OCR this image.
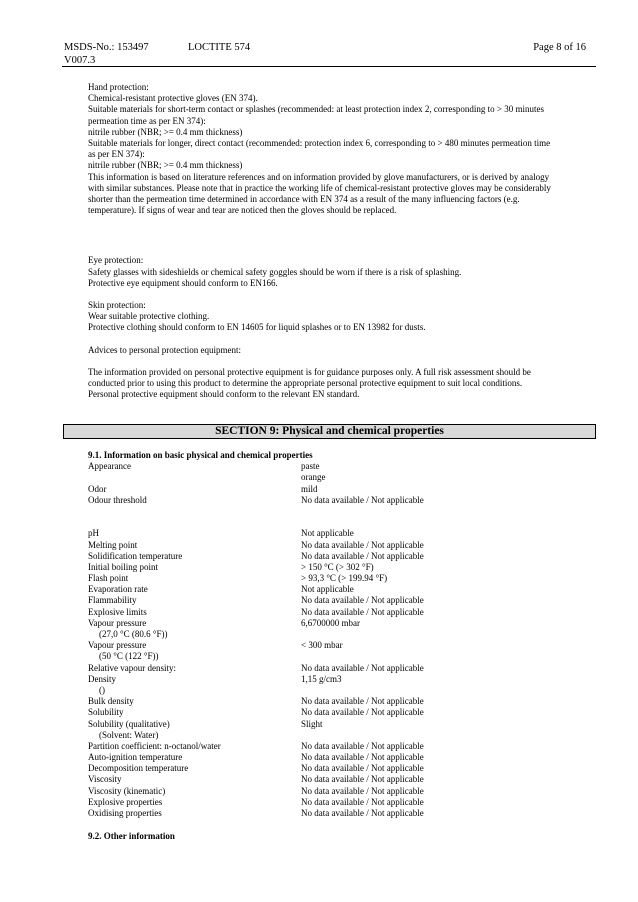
MSDS-No.: 153497	LOCTITE 574	Page 8 of 16
V007.3

Hand protection:

Chemical-resistant protective gloves (EN 374).

Suitable materials for short-term contact or splashes (recommended: at least protection index 2, corresponding to > 30 minutes

permeation time as per EN 374):

nitrile rubber (NBR; >= 0.4 mm thickness)

Suitable materials for longer, direct contact (recommended: protection index 6, corresponding to > 480 minutes permeation time

as per EN 374):

nitrile rubber (NBR; >= 0.4 mm thickness)

This information is based on literature references and on information provided by glove manufacturers, or is derived by analogy

with similar substances. Please note that in practice the working life of chemical-resistant protective gloves may be considerably

shorter than the permeation time determined in accordance with EN 374 as a result of the many influencing factors (e.g.

temperature). If signs of wear and tear are noticed then the gloves should be replaced.

Eye protection:

Safety glasses with sideshields or chemical safety goggles should be worn if there is a risk of splashing.

Protective eye equipment should conform to EN166.

Skin protection:

Wear suitable protective clothing.

Protective clothing should conform to EN 14605 for liquid splashes or to EN 13982 for dusts.

Advices to personal protection equipment:

The information provided on personal protective equipment is for guidance purposes only. A full risk assessment should be

conducted prior to using this product to determine the appropriate personal protective equipment to suit local conditions.

Personal protective equipment should conform to the relevant EN standard.

SECTION 9: Physical and chemical properties

9.1. Information on basic physical and chemical properties

Appearance	paste
orange
Odor	mild
Odour threshold	No data available / Not applicable
pH	Not applicable
Melting point	No data available / Not applicable
Solidification temperature	No data available / Not applicable
Initial boiling point	> 150 °C (> 302 °F)
Flash point	> 93,3 °C (> 199.94 °F)
Evaporation rate	Not applicable
Flammability	No data available / Not applicable
Explosive limits	No data available / Not applicable
Vapour pressure	6,6700000 mbar
(27,0 °C (80.6 °F))
Vapour pressure	< 300 mbar
(50 °C (122 °F))
Relative vapour density:	No data available / Not applicable
Density	1,15 g/cm3
()
Bulk density	No data available / Not applicable
Solubility	No data available / Not applicable
Solubility (qualitative)	Slight
(Solvent: Water)
Partition coefficient: n-octanol/water	No data available / Not applicable
Auto-ignition temperature	No data available / Not applicable
Decomposition temperature	No data available / Not applicable
Viscosity	No data available / Not applicable
Viscosity (kinematic)	No data available / Not applicable
Explosive properties	No data available / Not applicable
Oxidising properties	No data available / Not applicable

9.2. Other information
